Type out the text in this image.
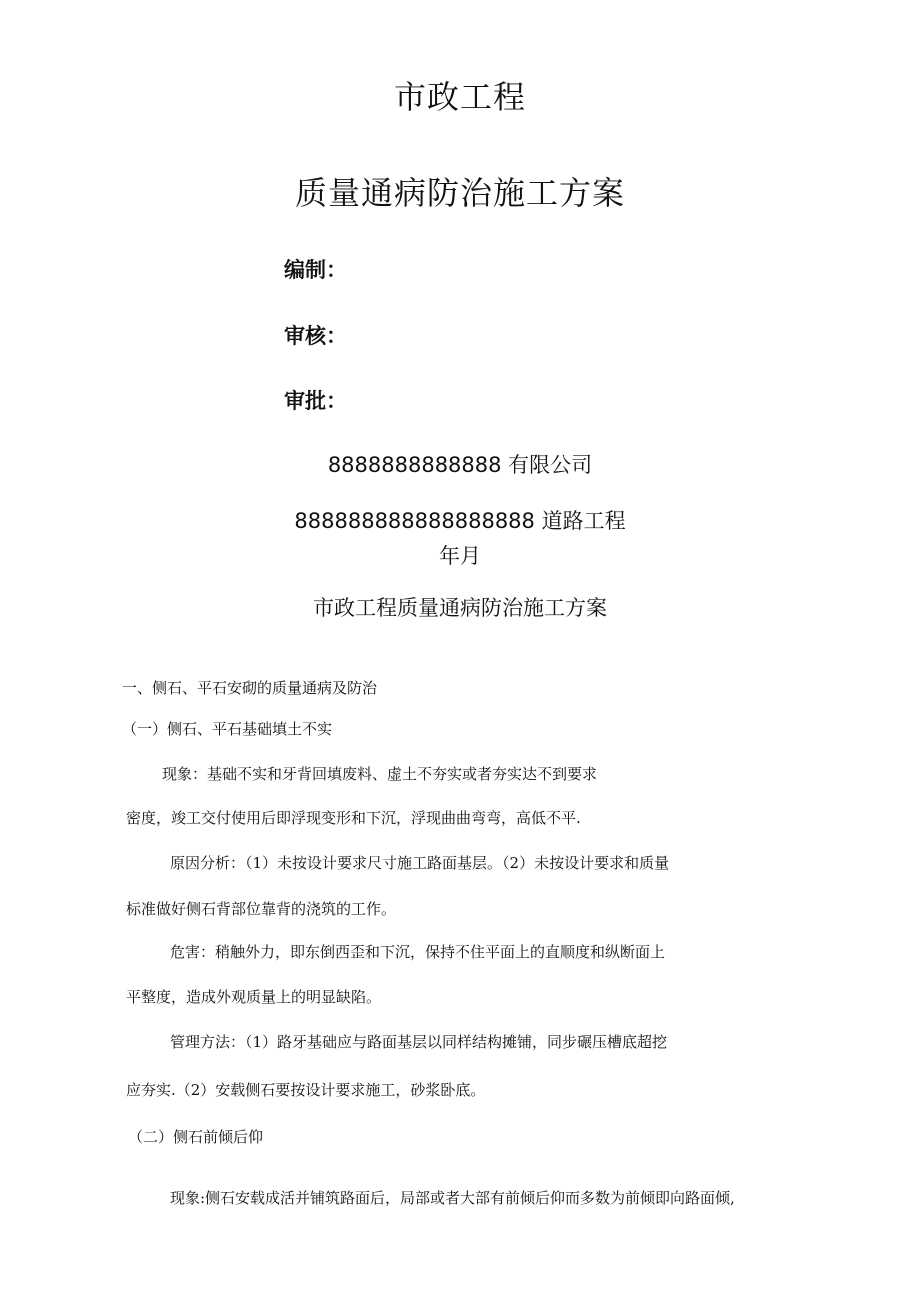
市政工程
质量通病防治施工方案
编制：
审核：
审批：
8888888888888 有限公司
888888888888888888 道路工程
年月
市政工程质量通病防治施工方案
一、侧石、平石安砌的质量通病及防治
（一）侧石、平石基础填土不实
现象：基础不实和牙背回填废料、虚土不夯实或者夯实达不到要求
密度，竣工交付使用后即浮现变形和下沉，浮现曲曲弯弯，高低不平.
原因分析：（1）未按设计要求尺寸施工路面基层。（2）未按设计要求和质量
标准做好侧石背部位靠背的浇筑的工作。
危害：稍触外力，即东倒西歪和下沉，保持不住平面上的直顺度和纵断面上
平整度，造成外观质量上的明显缺陷。
管理方法：（1）路牙基础应与路面基层以同样结构摊铺，同步碾压槽底超挖
应夯实.（2）安载侧石要按设计要求施工，砂浆卧底。
（二）侧石前倾后仰
现象:侧石安载成活并铺筑路面后，局部或者大部有前倾后仰而多数为前倾即向路面倾,
